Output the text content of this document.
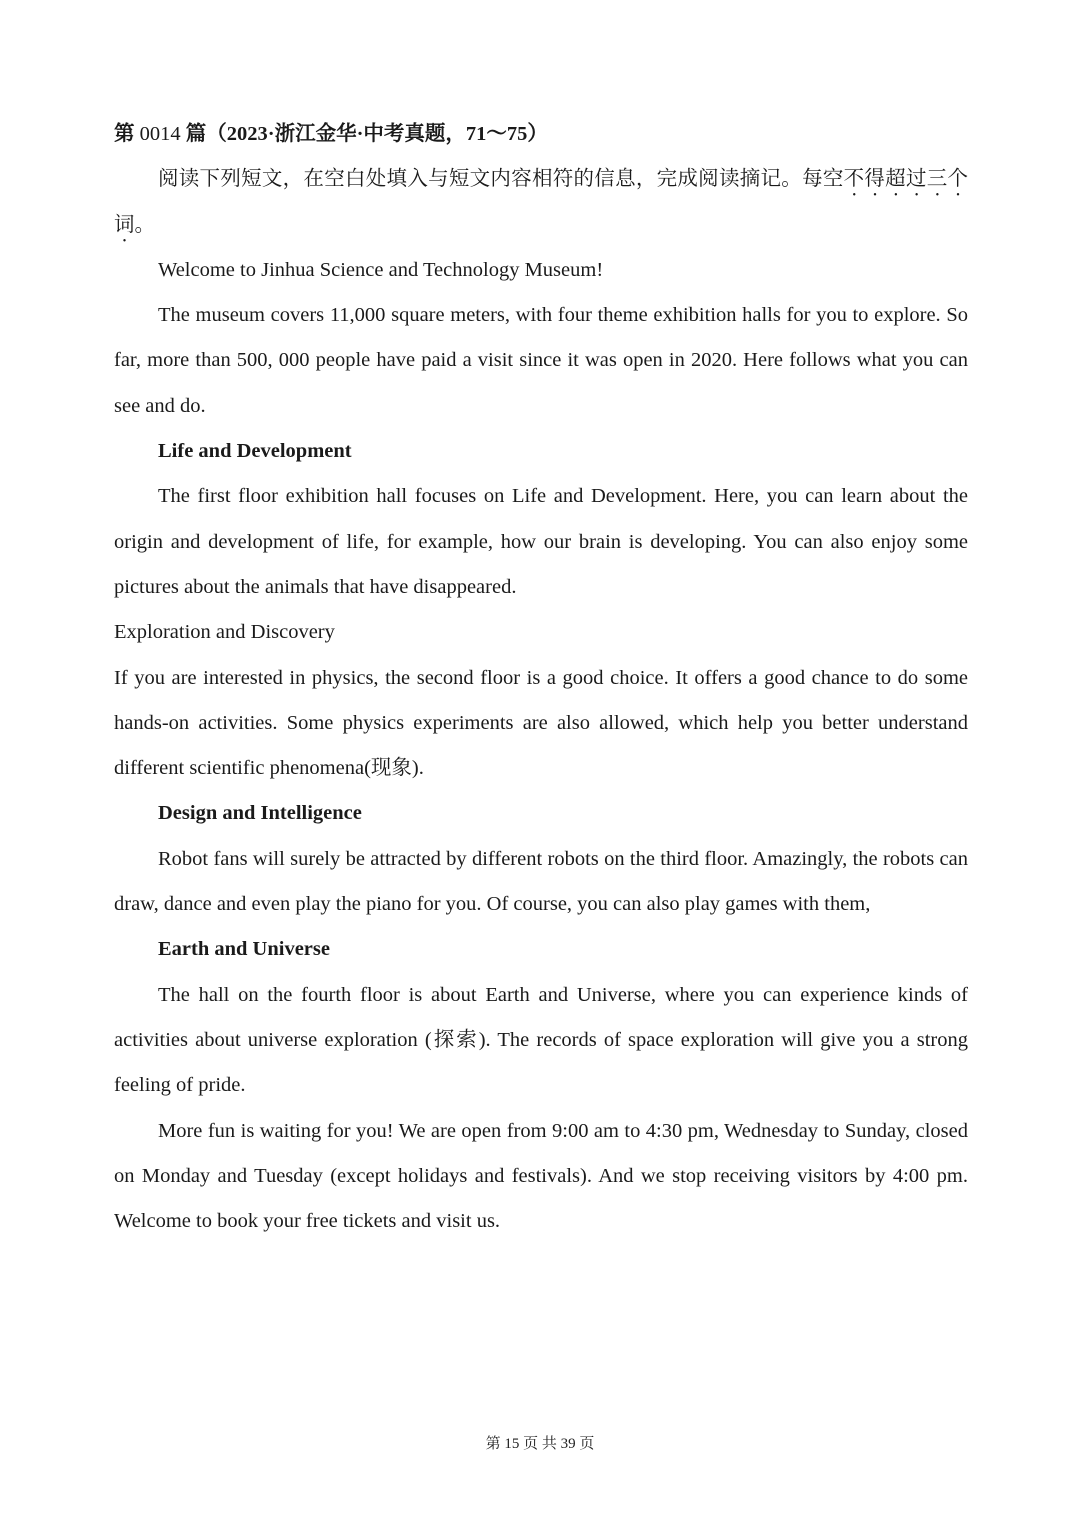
第 0014 篇（2023·浙江金华·中考真题，71～75）
阅读下列短文，在空白处填入与短文内容相符的信息，完成阅读摘记。每空不得超过三个词。
Welcome to Jinhua Science and Technology Museum!
The museum covers 11,000 square meters, with four theme exhibition halls for you to explore. So far, more than 500, 000 people have paid a visit since it was open in 2020. Here follows what you can see and do.
Life and Development
The first floor exhibition hall focuses on Life and Development. Here, you can learn about the origin and development of life, for example, how our brain is developing. You can also enjoy some pictures about the animals that have disappeared.
Exploration and Discovery
If you are interested in physics, the second floor is a good choice. It offers a good chance to do some hands-on activities. Some physics experiments are also allowed, which help you better understand different scientific phenomena(现象).
Design and Intelligence
Robot fans will surely be attracted by different robots on the third floor. Amazingly, the robots can draw, dance and even play the piano for you. Of course, you can also play games with them,
Earth and Universe
The hall on the fourth floor is about Earth and Universe, where you can experience kinds of activities about universe exploration (探索). The records of space exploration will give you a strong feeling of pride.
More fun is waiting for you! We are open from 9:00 am to 4:30 pm, Wednesday to Sunday, closed on Monday and Tuesday (except holidays and festivals). And we stop receiving visitors by 4:00 pm. Welcome to book your free tickets and visit us.
第 15 页 共 39 页
